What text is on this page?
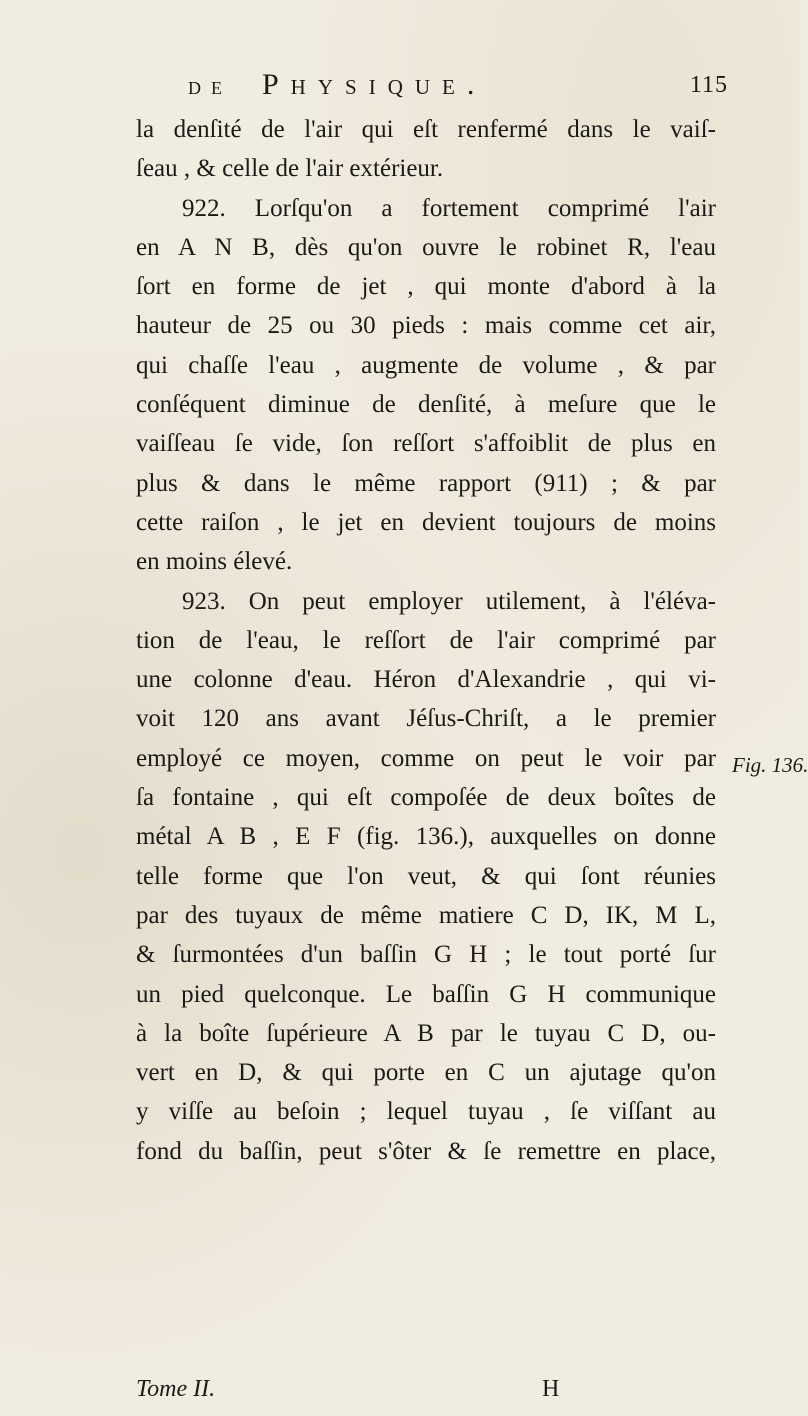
DE Physique.	115
la denſité de l'air qui eſt renfermé dans le vaiſ-
ſeau , & celle de l'air extérieur.
922. Lorſqu'on a fortement comprimé l'air
en A N B, dès qu'on ouvre le robinet R, l'eau
ſort en forme de jet , qui monte d'abord à la
hauteur de 25 ou 30 pieds : mais comme cet air,
qui chaſſe l'eau , augmente de volume , & par
conſéquent diminue de denſité, à meſure que le
vaiſſeau ſe vide, ſon reſſort s'affoiblit de plus en
plus & dans le même rapport (911) ; & par
cette raiſon , le jet en devient toujours de moins
en moins élevé.
923. On peut employer utilement, à l'éléva-
tion de l'eau, le reſſort de l'air comprimé par
une colonne d'eau. Héron d'Alexandrie , qui vi-
voit 120 ans avant Jéſus-Chriſt, a le premier
employé ce moyen, comme on peut le voir par
ſa fontaine , qui eſt compoſée de deux boîtes de
métal A B , E F (fig. 136.), auxquelles on donne
telle forme que l'on veut, & qui ſont réunies
par des tuyaux de même matiere C D, IK, M L,
& ſurmontées d'un baſſin G H ; le tout porté ſur
un pied quelconque. Le baſſin G H communique
à la boîte ſupérieure A B par le tuyau C D, ou-
vert en D, & qui porte en C un ajutage qu'on
y viſſe au beſoin ; lequel tuyau , ſe viſſant au
fond du baſſin, peut s'ôter & ſe remettre en place,
Fig. 136.
Tome II.	H
